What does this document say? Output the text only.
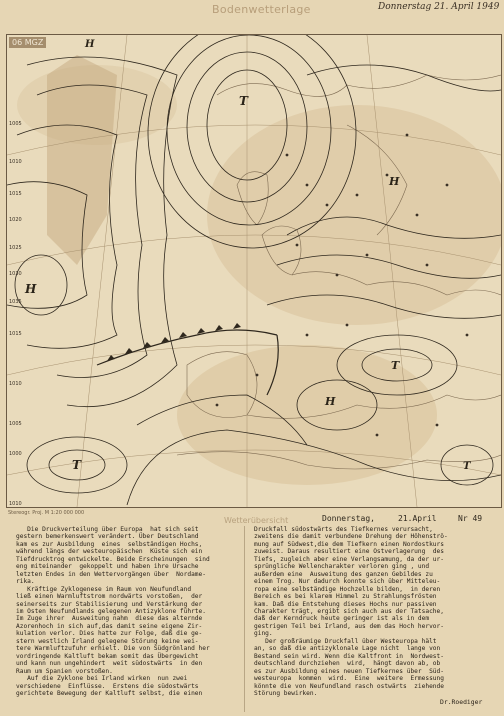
Bodenwetterlage	Donnerstag 21. April 1949
H
T
H
H
T
T
H
T
1005
1010
1015
1020
1025
1030
1035
1015
1010
1005
1000
1010
06 MGZ
Stereogr. Proj. M 1:20 000 000
Wetterübersicht	Donnerstag,	21.April	Nr 49
Die Druckverteilung über Europa  hat sich seit
gestern bemerkenswert verändert. Über Deutschland
kam es zur Ausbildung  eines  selbständigen Hochs,
während längs der westeuropäischen  Küste sich ein
Tiefdrucktrog entwickelte. Beide Erscheinungen  sind
eng miteinander  gekoppelt und haben ihre Ursache
letzten Endes in den Wettervorgängen über  Nordame-
rika.
Kräftige Zyklogenese im Raum von Neufundland
ließ einen Warmluftstrom nordwärts vorstoßen,  der
seinerseits zur Stabilisierung und Verstärkung der
im Osten Neufundlands gelegenen Antizyklone führte.
Im Zuge ihrer  Ausweitung nahm  diese das alternde
Azorenhoch in sich auf,das damit seine eigene Zir-
kulation verlor. Dies hatte zur Folge, daß die ge-
stern westlich Irland gelegene Störung keine wei-
tere Warmluftzufuhr erhielt. Die von Südgrönland her
vordringende Kaltluft bekam somit das Übergewicht
und kann nun ungehindert  weit südostwärts  in den
Raum um Spanien vorstoßen.
Auf die Zyklone bei Irland wirken  nun zwei
verschiedene  Einflüsse.  Erstens die südostwärts
gerichtete Bewegung der Kaltluft selbst, die einen
Druckfall südostwärts des Tiefkernes verursacht,
zweitens die damit verbundene Drehung der Höhenströ-
mung auf Südwest,die dem Tiefkern einen Nordostkurs
zuweist. Daraus resultiert eine Ostverlagerung  des
Tiefs, zugleich aber eine Verlangsamung, da der ur-
sprüngliche Wellencharakter verloren ging , und
außerdem eine  Ausweitung des ganzen Gebildes zu
einem Trog. Nur dadurch konnte sich über Mitteleu-
ropa eine selbständige Hochzelle bilden,  in deren
Bereich es bei klarem Himmel zu Strahlungsfrösten
kam. Daß die Entstehung dieses Hochs nur passiven
Charakter trägt, ergibt sich auch aus der Tatsache,
daß der Kerndruck heute geringer ist als in dem
gestrigen Teil bei Irland, aus dem das Hoch hervor-
ging.
Der großräumige Druckfall über Westeuropa hält
an, so daß die antizyklonale Lage nicht  lange von
Bestand sein wird. Wenn die Kaltfront in  Nordwest-
deutschland durchziehen  wird,  hängt davon ab, ob
es zur Ausbildung eines neuen Tiefkernes über  Süd-
westeuropa  kommen  wird.  Eine  weitere  Ermessung
könnte die von Neufundland rasch ostwärts  ziehende
Störung bewirken.
Dr.Roediger
